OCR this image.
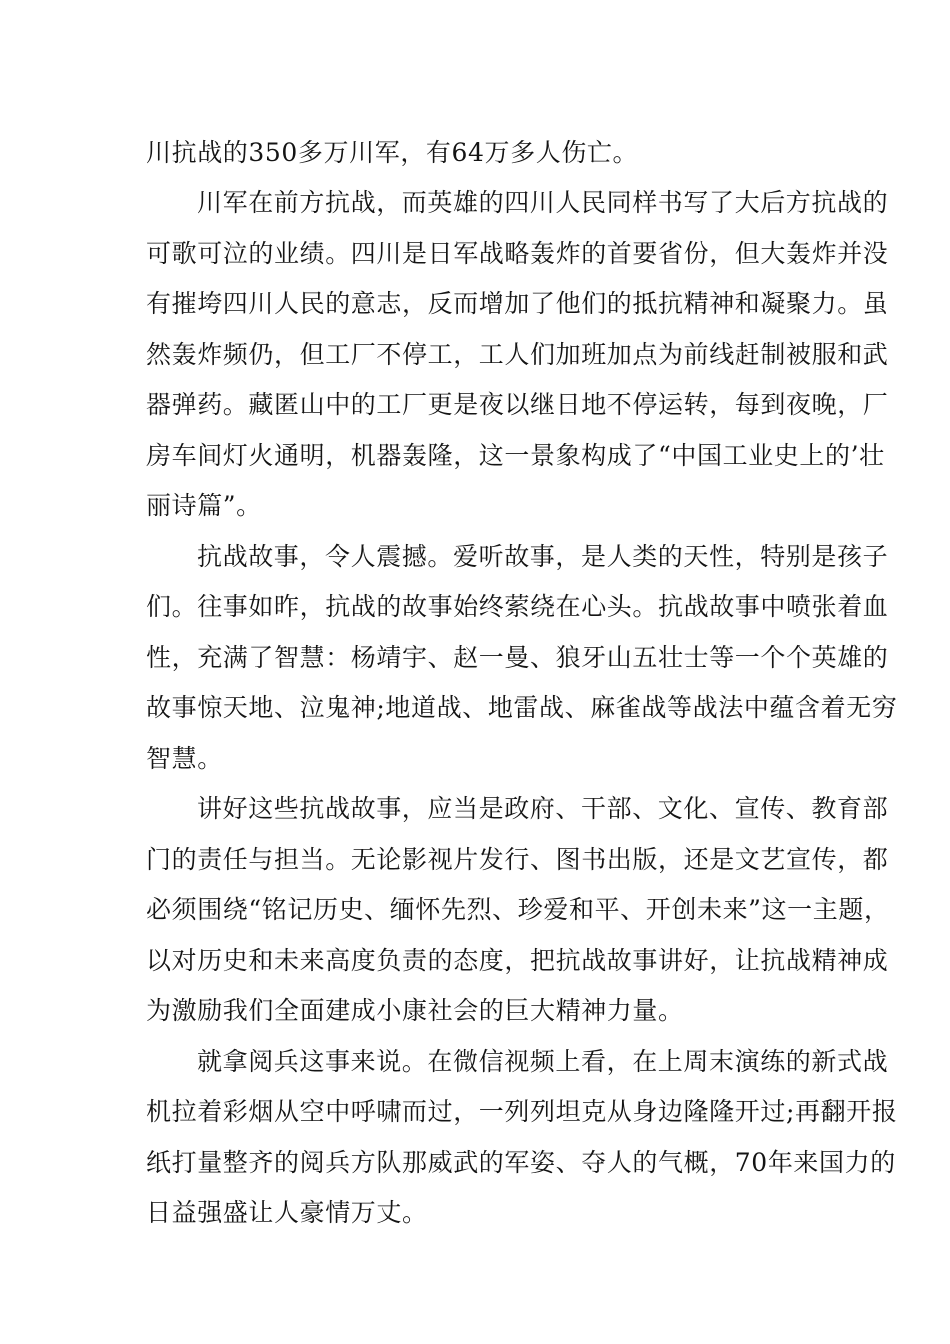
川抗战的350多万川军，有64万多人伤亡。

川军在前方抗战，而英雄的四川人民同样书写了大后方抗战的

可歌可泣的业绩。四川是日军战略轰炸的首要省份，但大轰炸并没

有摧垮四川人民的意志，反而增加了他们的抵抗精神和凝聚力。虽

然轰炸频仍，但工厂不停工，工人们加班加点为前线赶制被服和武

器弹药。藏匿山中的工厂更是夜以继日地不停运转，每到夜晚，厂

房车间灯火通明，机器轰隆，这一景象构成了“中国工业史上的’壮

丽诗篇”。

抗战故事，令人震撼。爱听故事，是人类的天性，特别是孩子

们。往事如昨，抗战的故事始终萦绕在心头。抗战故事中喷张着血

性，充满了智慧：杨靖宇、赵一曼、狼牙山五壮士等一个个英雄的

故事惊天地、泣鬼神;地道战、地雷战、麻雀战等战法中蕴含着无穷

智慧。

讲好这些抗战故事，应当是政府、干部、文化、宣传、教育部

门的责任与担当。无论影视片发行、图书出版，还是文艺宣传，都

必须围绕“铭记历史、缅怀先烈、珍爱和平、开创未来”这一主题，

以对历史和未来高度负责的态度，把抗战故事讲好，让抗战精神成

为激励我们全面建成小康社会的巨大精神力量。

就拿阅兵这事来说。在微信视频上看，在上周末演练的新式战

机拉着彩烟从空中呼啸而过，一列列坦克从身边隆隆开过;再翻开报

纸打量整齐的阅兵方队那威武的军姿、夺人的气概，70年来国力的

日益强盛让人豪情万丈。
